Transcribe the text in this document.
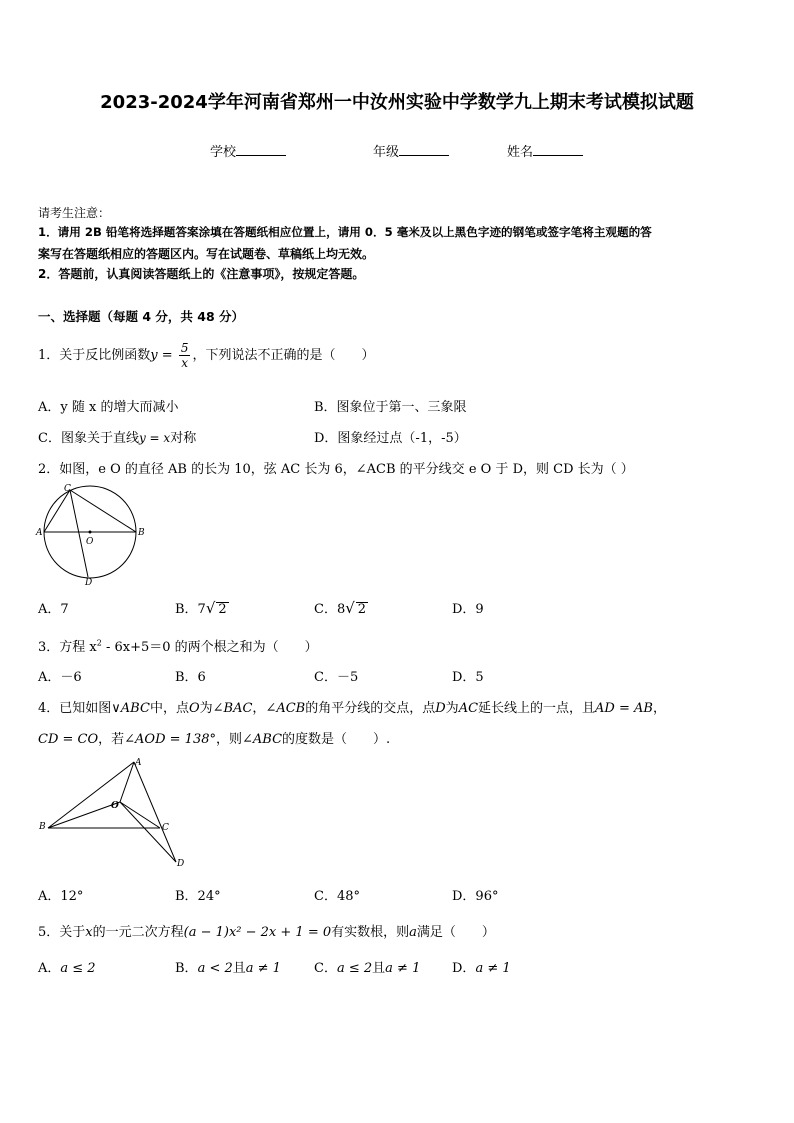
2023-2024学年河南省郑州一中汝州实验中学数学九上期末考试模拟试题
学校	年级	姓名
请考生注意：
1．请用 2B 铅笔将选择题答案涂填在答题纸相应位置上，请用 0．5 毫米及以上黑色字迹的钢笔或签字笔将主观题的答
案写在答题纸相应的答题区内。写在试题卷、草稿纸上均无效。
2．答题前，认真阅读答题纸上的《注意事项》，按规定答题。
一、选择题（每题 4 分，共 48 分）
1．关于反比例函数$y = \frac{5}{x}$ ，下列说法不正确的是（　　）
A．y 随 x 的增大而减小	B．图象位于第一、三象限
C．图象关于直线y = x对称	D．图象经过点（-1，-5）
2．如图，e O 的直径 AB 的长为 10，弦 AC 长为 6，∠ACB 的平分线交 e O 于 D，则 CD 长为（ ）
A	B
C
O
D
A．7	B．7√ 2	C．8√ 2	D．9
3．方程 $x^2 - 6x+5=0$ 的两个根之和为（　　）
A．－6	B．6	C．－5	D．5
4．已知如图∨ABC中，点O为∠BAC，∠ACB的角平分线的交点，点D为AC延长线上的一点，且AD = AB，
CD = CO，若∠AOD = 138°，则∠ABC的度数是（　　）.
A
B	C
D
O
A．12°	B．24°	C．48°	D．96°
5．关于x的一元二次方程(a − 1)x² − 2x + 1 = 0有实数根，则a满足（　　）
A．a ≤ 2	B．a < 2且a ≠ 1	C．a ≤ 2且a ≠ 1 D．a ≠ 1
